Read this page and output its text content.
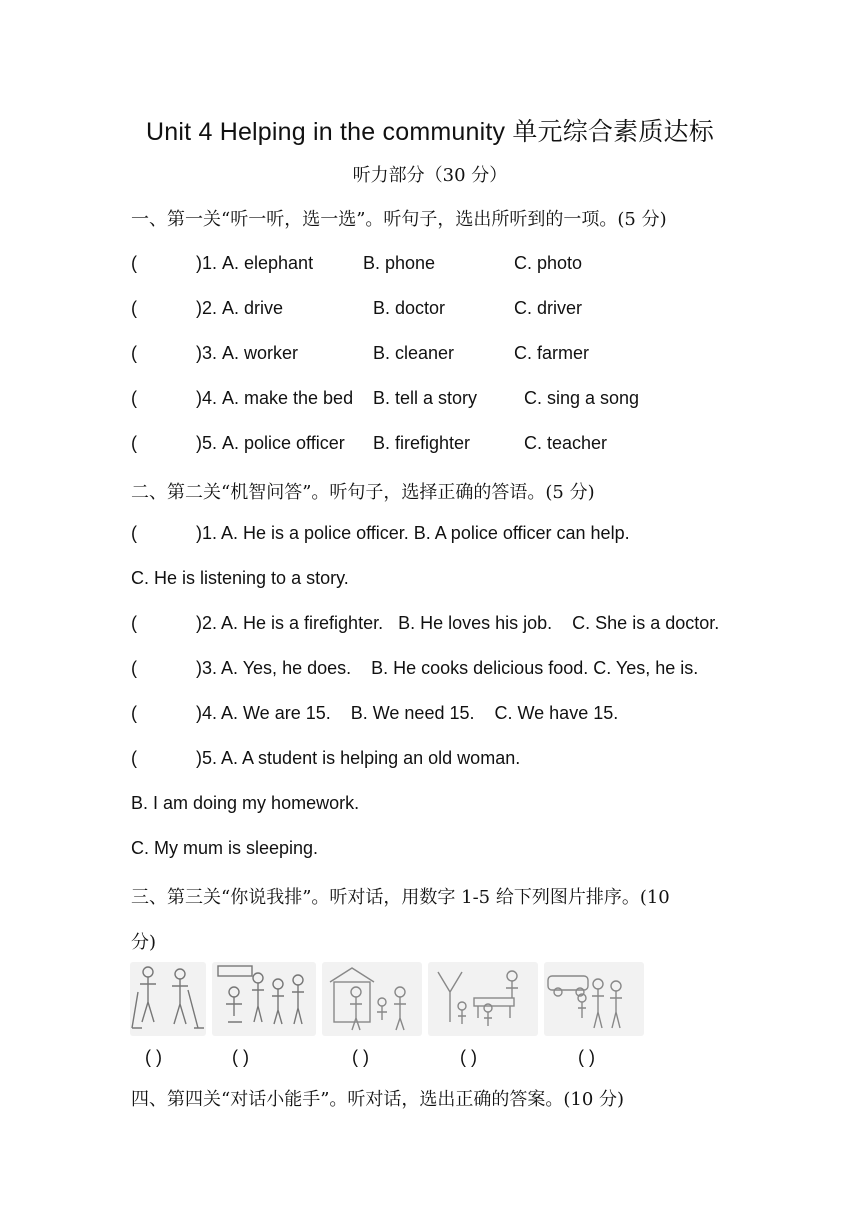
Unit 4 Helping in the community 单元综合素质达标
听力部分（30 分）
一、第一关“听一听，选一选”。听句子，选出所听到的一项。(5 分)
(	)1. A. elephant	B. phone	C. photo
(	)2. A. drive	B. doctor	C. driver
(	)3. A. worker	B. cleaner	C. farmer
(	)4. A. make the bed B. tell a story	C. sing a song
(	)5. A. police officer B. firefighter	C. teacher
二、第二关“机智问答”。听句子，选择正确的答语。(5 分)
(	)1. A. He is a police officer. B. A police officer can help.
C. He is listening to a story.
(	)2. A. He is a firefighter.   B. He loves his job.    C. She is a doctor.
(	)3. A. Yes, he does.    B. He cooks delicious food. C. Yes, he is.
(	)4. A. We are 15.    B. We need 15.    C. We have 15.
(	)5. A. A student is helping an old woman.
B. I am doing my homework.
C. My mum is sleeping.
三、第三关“你说我排”。听对话，用数字 1-5 给下列图片排序。(10
分)
( )	( )	( )	( )	( )
四、第四关“对话小能手”。听对话，选出正确的答案。(10 分)
